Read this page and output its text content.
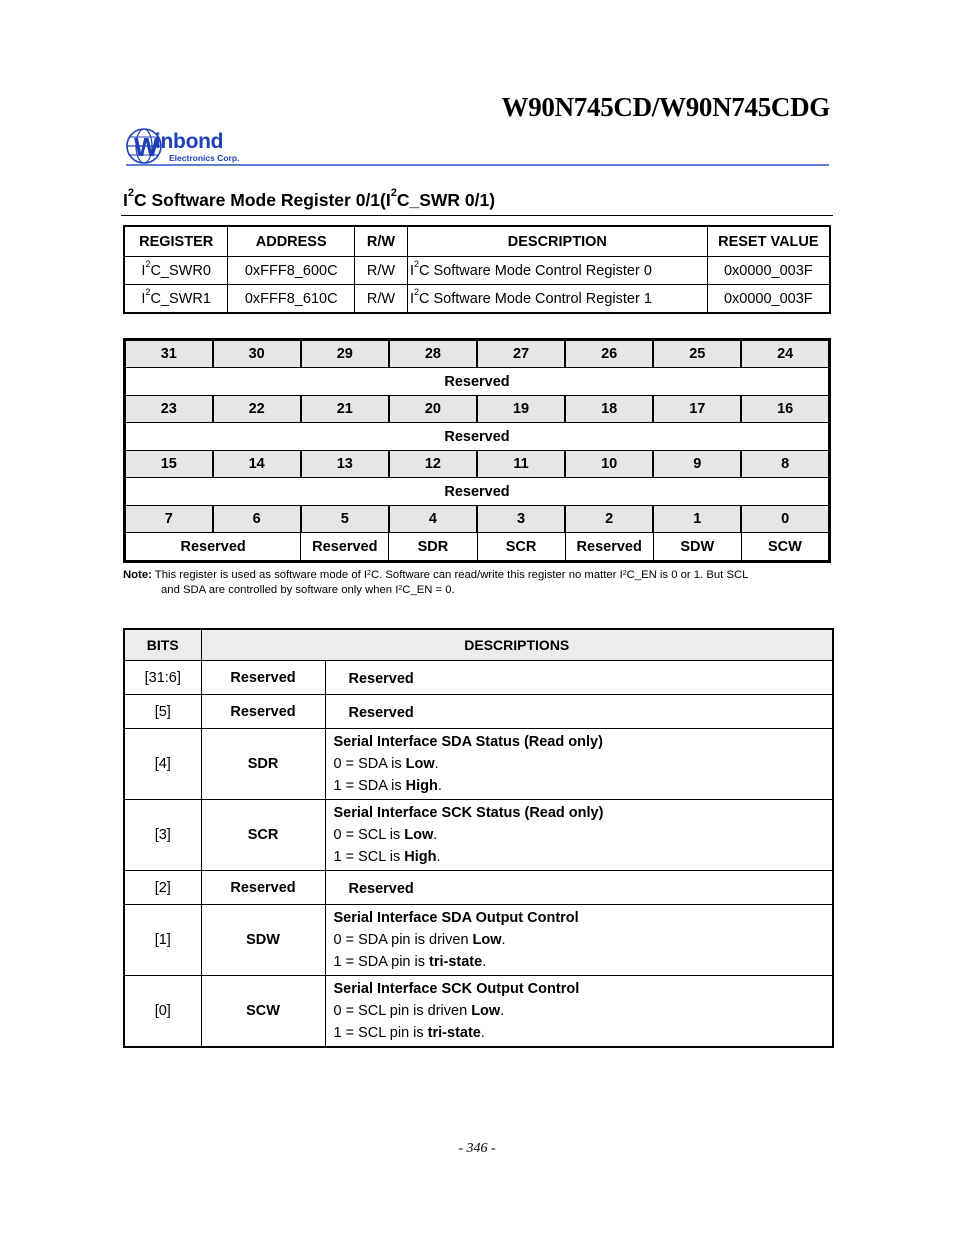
W90N745CD/W90N745CDG
W
inbond
Electronics Corp.
$I^2C$ Software Mode Register $0/1(I^2C\_SWR$ 0/1)
REGISTER	ADDRESS	R/W	DESCRIPTION	RESET VALUE
$I^2C\_SWR0$	0xFFF8_600C	R/W	$I^2C$ Software Mode Control Register 0	0x0000_003F
$I^2C\_SWR1$	0xFFF8_610C	R/W	$I^2C$ Software Mode Control Register 1	0x0000_003F
31	30	29	28	27	26	25	24
Reserved							
23	22	21	20	19	18	17	16
Reserved							
15	14	13	12	11	10	9	8
Reserved							
7	6	5	4	3	2	1	0
Reserved		Reserved	SDR	SCR	Reserved	SDW	SCW
Note: This register is used as software mode of $I^2C$. Software can read/write this register no matter $I^2C\_EN$ is 0 or 1. But SCL
and SDA are controlled by software only when $I^2C\_EN = 0$.
BITS	DESCRIPTIONS	
[31:6]	Reserved	Reserved
[5]	Reserved	Reserved
[4]	SDR	Serial Interface SDA Status (Read only)
0 = SDA is Low.
1 = SDA is High.

[3]	SCR	Serial Interface SCK Status (Read only)
0 = SCL is Low.
1 = SCL is High.

[2]	Reserved	Reserved
[1]	SDW	Serial Interface SDA Output Control
0 = SDA pin is driven Low.
1 = SDA pin is tri-state.

[0]	SCW	Serial Interface SCK Output Control
0 = SCL pin is driven Low.
1 = SCL pin is tri-state.
- 346 -
